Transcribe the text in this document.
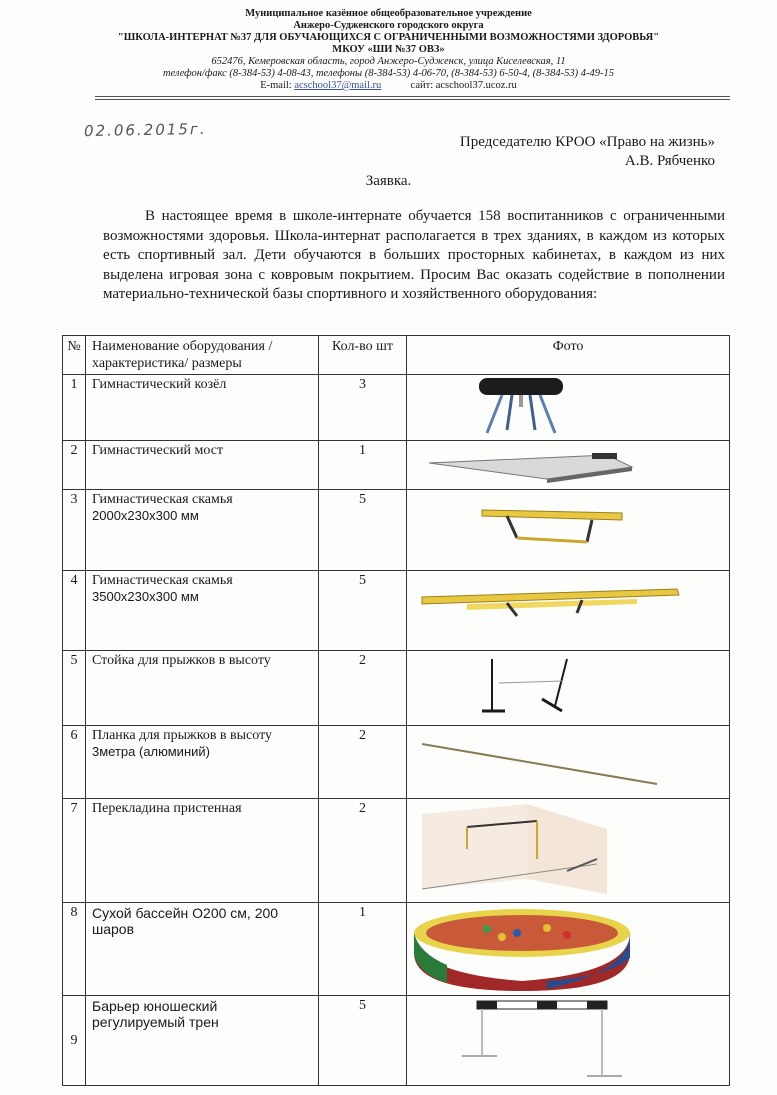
Муниципальное казённое общеобразовательное учреждение
Анжеро-Судженского городского округа
"ШКОЛА-ИНТЕРНАТ №37 ДЛЯ ОБУЧАЮЩИХСЯ С ОГРАНИЧЕННЫМИ ВОЗМОЖНОСТЯМИ ЗДОРОВЬЯ"
МКОУ «ШИ №37 ОВЗ»
652476, Кемеровская область, город Анжеро-Судженск, улица Киселевская, 11
телефон/факс (8-384-53) 4-08-43, телефоны (8-384-53) 4-06-70, (8-384-53) 6-50-4, (8-384-53) 4-49-15
E-mail: acschool37@mail.ru	сайт: acschool37.ucoz.ru
02.06.2015г.
Председателю КРОО «Право на жизнь»
А.В. Рябченко
Заявка.
В настоящее время в школе-интернате обучается 158 воспитанников с ограниченными возможностями здоровья. Школа-интернат располагается в трех зданиях, в каждом из которых есть спортивный зал. Дети обучаются в больших просторных кабинетах, в каждом из них выделена игровая зона с ковровым покрытием. Просим Вас оказать содействие в пополнении материально-технической базы спортивного и хозяйственного оборудования:
№	Наименование оборудования /характеристика/ размеры	Кол-во шт	Фото
1	Гимнастический козёл	3	

2	Гимнастический мост	1	

3	Гимнастическая скамья
2000х230х300 мм	5	

4	Гимнастическая скамья
3500х230х300 мм	5	

5	Стойка для прыжков в высоту	2	

6	Планка для прыжков в высоту
3метра (алюминий)	2	

7	Перекладина пристенная	2	

8	Сухой бассейн О200 см, 200 шаров	1	

9	Барьер юношеский регулируемый трен	5	
